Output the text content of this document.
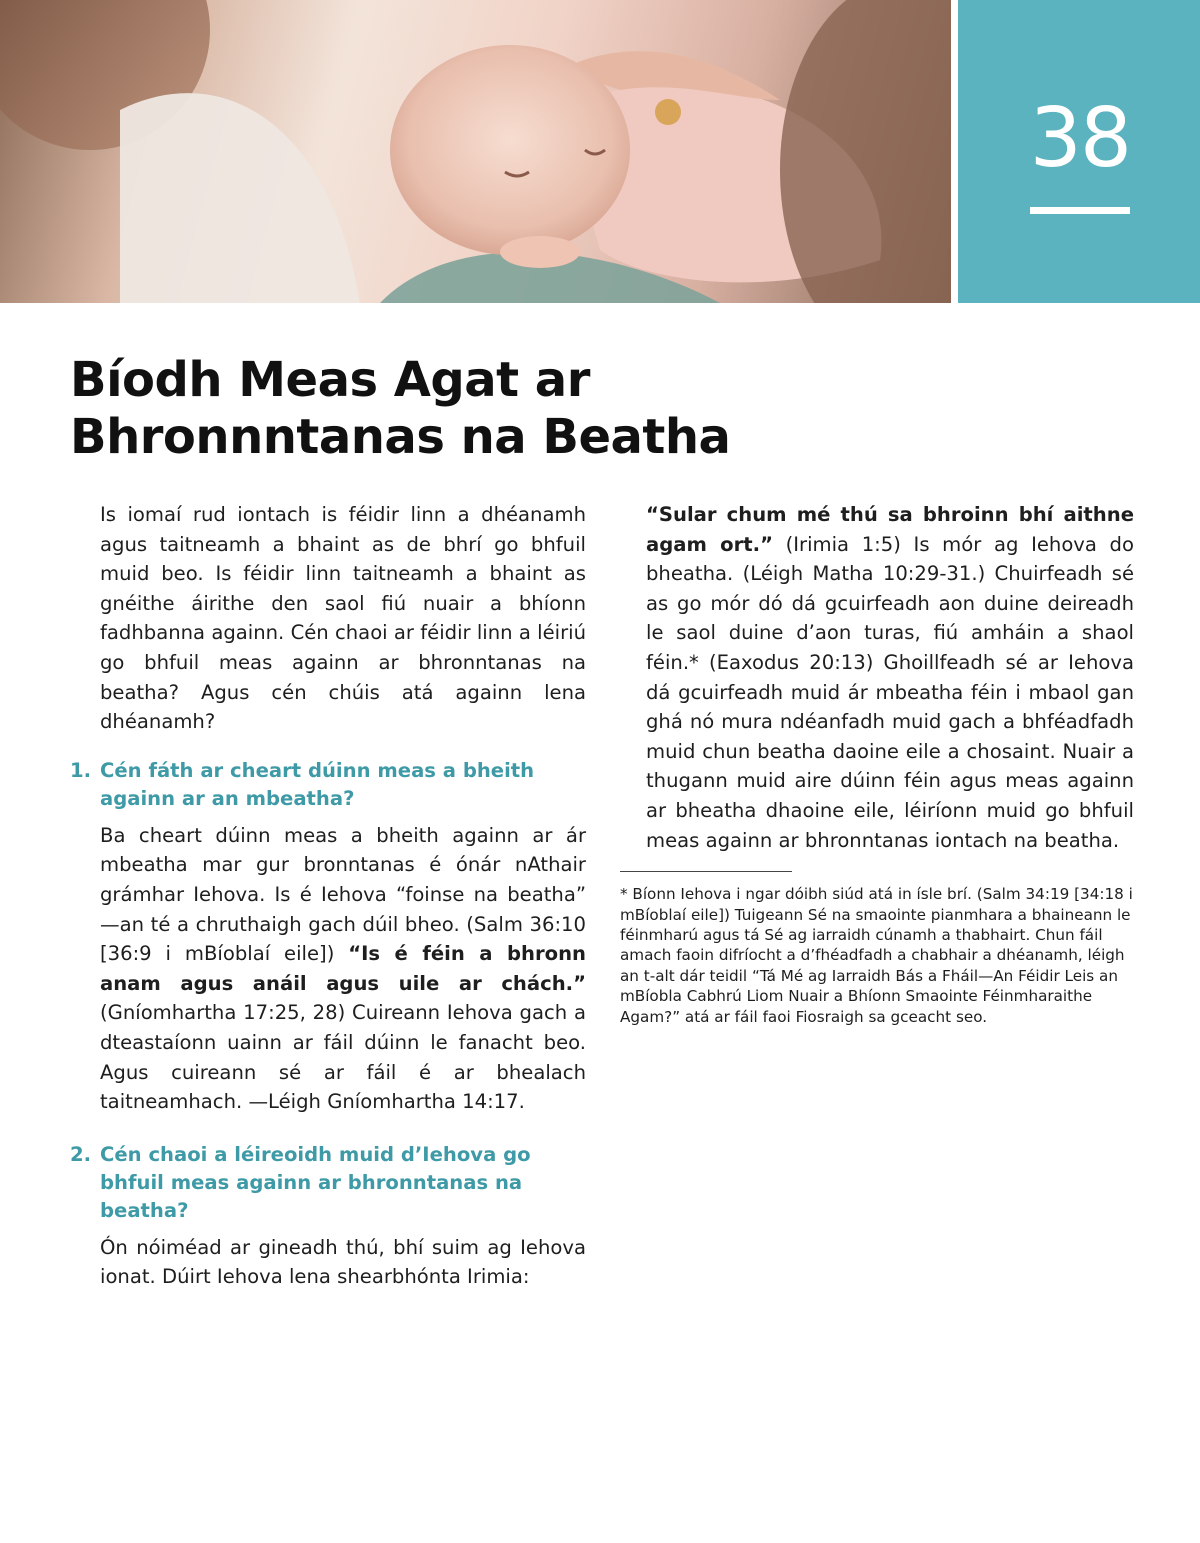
38
Bíodh Meas Agat ar
Bhronnntanas na Beatha

Is iomaí rud iontach is féidir linn a dhéanamh agus taitneamh a bhaint as de bhrí go bhfuil muid beo. Is féidir linn taitneamh a bhaint as gnéithe áirithe den saol fiú nuair a bhíonn fadhbanna againn. Cén chaoi ar féidir linn a léiriú go bhfuil meas againn ar bhronntanas na beatha? Agus cén chúis atá againn lena dhéanamh?

1. Cén fáth ar cheart dúinn meas a bheith againn ar an mbeatha?

Ba cheart dúinn meas a bheith againn ar ár mbeatha mar gur bronntanas é ónár nAthair grámhar Iehova. Is é Iehova “foinse na beatha” —an té a chruthaigh gach dúil bheo. (Salm 36:10 [36:9 i mBíoblaí eile]) “Is é féin a bhronn anam agus anáil agus uile ar chách.” (Gníomhartha 17:25, 28) Cuireann Iehova gach a dteastaíonn uainn ar fáil dúinn le fanacht beo. Agus cuireann sé ar fáil é ar bhealach taitneamhach. —Léigh Gníomhartha 14:17.

2. Cén chaoi a léireoidh muid d’Iehova go bhfuil meas againn ar bhronntanas na beatha?

Ón nóiméad ar gineadh thú, bhí suim ag Iehova ionat. Dúirt Iehova lena shearbhónta Irimia:

“Sular chum mé thú sa bhroinn bhí aithne agam ort.” (Irimia 1:5) Is mór ag Iehova do bheatha. (Léigh Matha 10:29-31.) Chuirfeadh sé as go mór dó dá gcuirfeadh aon duine deireadh le saol duine d’aon turas, fiú amháin a shaol féin.* (Eaxodus 20:13) Ghoillfeadh sé ar Iehova dá gcuirfeadh muid ár mbeatha féin i mbaol gan ghá nó mura ndéanfadh muid gach a bhféadfadh muid chun beatha daoine eile a chosaint. Nuair a thugann muid aire dúinn féin agus meas againn ar bheatha dhaoine eile, léiríonn muid go bhfuil meas againn ar bhronntanas iontach na beatha.

* Bíonn Iehova i ngar dóibh siúd atá in ísle brí. (Salm 34:19 [34:18 i mBíoblaí eile]) Tuigeann Sé na smaointe pianmhara a bhaineann le féinmharú agus tá Sé ag iarraidh cúnamh a thabhairt. Chun fáil amach faoin difríocht a d’fhéadfadh a chabhair a dhéanamh, léigh an t-alt dár teidil “Tá Mé ag Iarraidh Bás a Fháil—An Féidir Leis an mBíobla Cabhrú Liom Nuair a Bhíonn Smaointe Féinmharaithe Agam?” atá ar fáil faoi Fiosraigh sa gceacht seo.
